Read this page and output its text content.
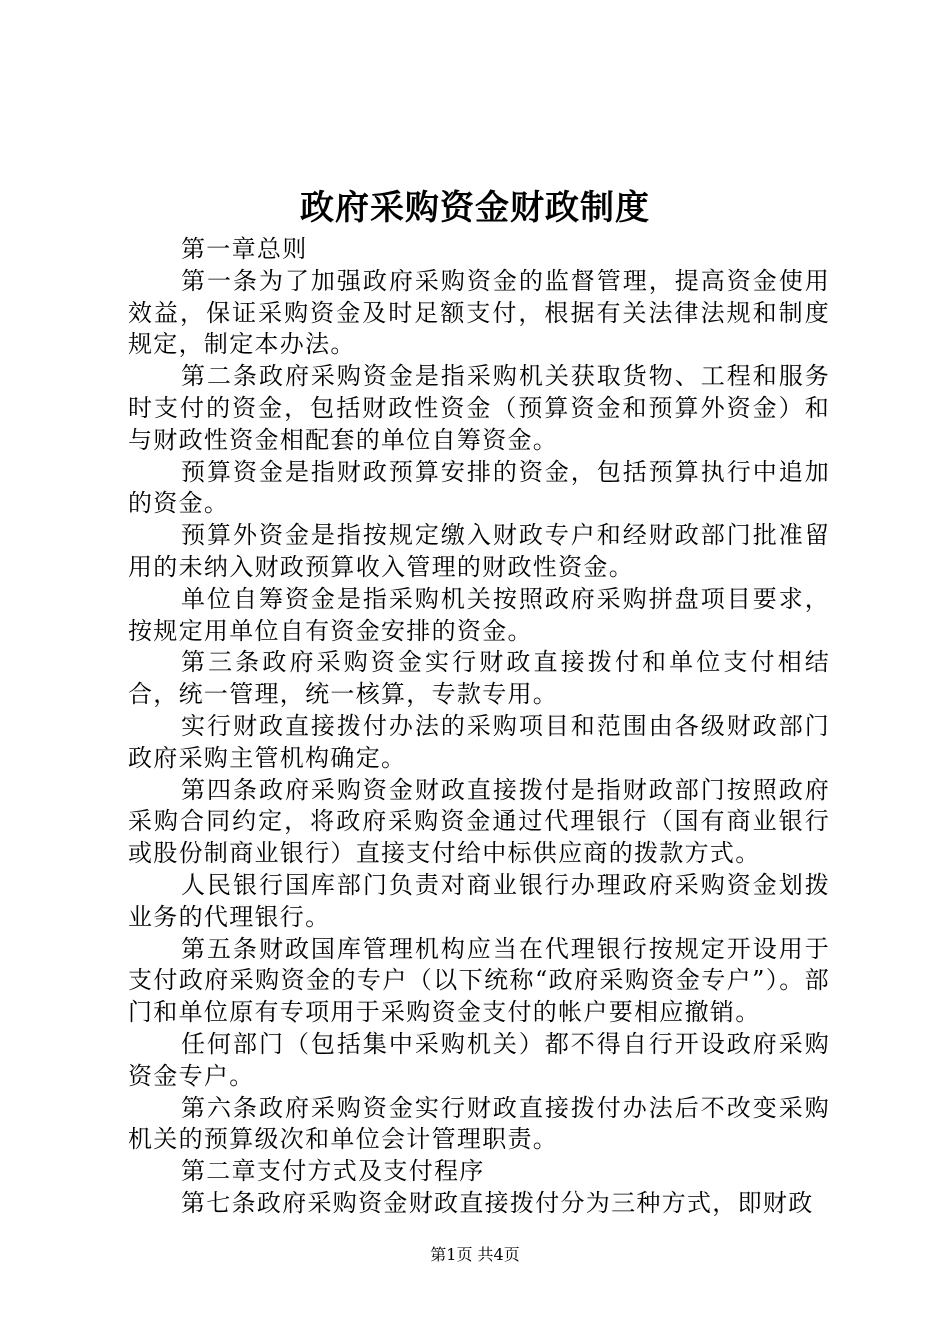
政府采购资金财政制度

第一章总则

第一条为了加强政府采购资金的监督管理，提高资金使用效益，保证采购资金及时足额支付，根据有关法律法规和制度规定，制定本办法。

第二条政府采购资金是指采购机关获取货物、工程和服务时支付的资金，包括财政性资金（预算资金和预算外资金）和与财政性资金相配套的单位自筹资金。

预算资金是指财政预算安排的资金，包括预算执行中追加的资金。

预算外资金是指按规定缴入财政专户和经财政部门批准留用的未纳入财政预算收入管理的财政性资金。

单位自筹资金是指采购机关按照政府采购拼盘项目要求，按规定用单位自有资金安排的资金。

第三条政府采购资金实行财政直接拨付和单位支付相结合，统一管理，统一核算，专款专用。

实行财政直接拨付办法的采购项目和范围由各级财政部门政府采购主管机构确定。

第四条政府采购资金财政直接拨付是指财政部门按照政府采购合同约定，将政府采购资金通过代理银行（国有商业银行或股份制商业银行）直接支付给中标供应商的拨款方式。

人民银行国库部门负责对商业银行办理政府采购资金划拨业务的代理银行。

第五条财政国库管理机构应当在代理银行按规定开设用于支付政府采购资金的专户（以下统称“政府采购资金专户”）。部门和单位原有专项用于采购资金支付的帐户要相应撤销。

任何部门（包括集中采购机关）都不得自行开设政府采购资金专户。

第六条政府采购资金实行财政直接拨付办法后不改变采购机关的预算级次和单位会计管理职责。

第二章支付方式及支付程序

第七条政府采购资金财政直接拨付分为三种方式，即财政

第1页 共4页
